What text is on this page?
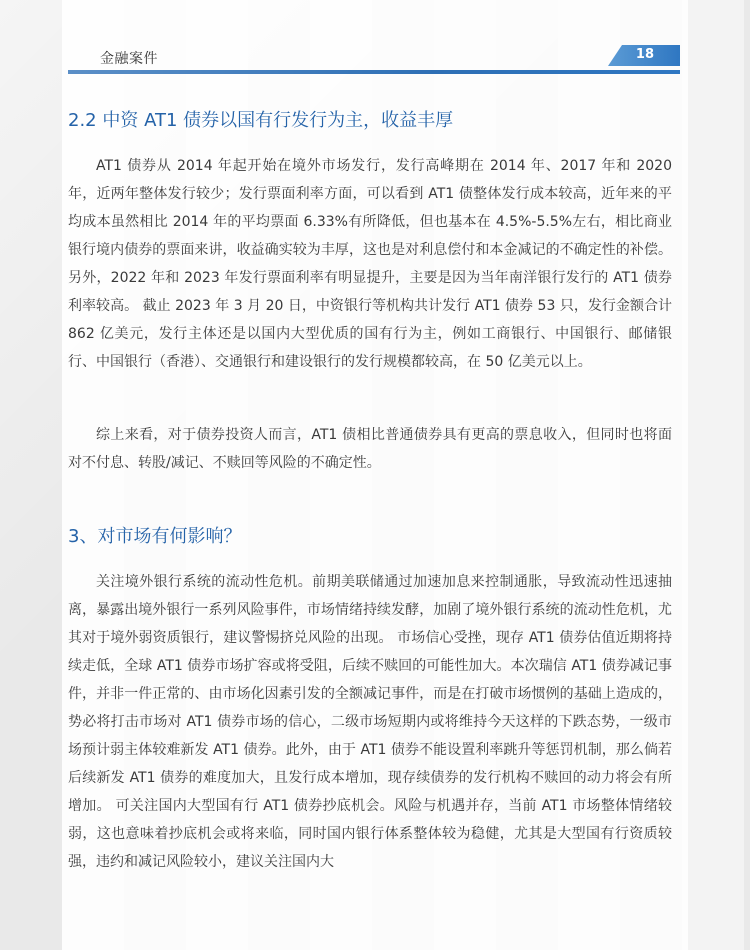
金融案件	18
2.2 中资 AT1 债券以国有行发行为主，收益丰厚

AT1 债券从 2014 年起开始在境外市场发行，发行高峰期在 2014 年、2017 年和 2020 年，近两年整体发行较少；发行票面利率方面，可以看到 AT1 债整体发行成本较高，近年来的平均成本虽然相比 2014 年的平均票面 6.33%有所降低，但也基本在 4.5%-5.5%左右，相比商业银行境内债券的票面来讲，收益确实较为丰厚，这也是对利息偿付和本金减记的不确定性的补偿。另外，2022 年和 2023 年发行票面利率有明显提升，主要是因为当年南洋银行发行的 AT1 债券利率较高。 截止 2023 年 3 月 20 日，中资银行等机构共计发行 AT1 债券 53 只，发行金额合计 862 亿美元，发行主体还是以国内大型优质的国有行为主，例如工商银行、中国银行、邮储银行、中国银行（香港）、交通银行和建设银行的发行规模都较高，在 50 亿美元以上。

综上来看，对于债券投资人而言，AT1 债相比普通债券具有更高的票息收入，但同时也将面对不付息、转股/减记、不赎回等风险的不确定性。

3、对市场有何影响？

关注境外银行系统的流动性危机。前期美联储通过加速加息来控制通胀，导致流动性迅速抽离，暴露出境外银行一系列风险事件，市场情绪持续发酵，加剧了境外银行系统的流动性危机，尤其对于境外弱资质银行，建议警惕挤兑风险的出现。 市场信心受挫，现存 AT1 债券估值近期将持续走低，全球 AT1 债券市场扩容或将受阻，后续不赎回的可能性加大。本次瑞信 AT1 债券减记事件，并非一件正常的、由市场化因素引发的全额减记事件，而是在打破市场惯例的基础上造成的，势必将打击市场对 AT1 债券市场的信心，二级市场短期内或将维持今天这样的下跌态势，一级市场预计弱主体较难新发 AT1 债券。此外，由于 AT1 债券不能设置利率跳升等惩罚机制，那么倘若后续新发 AT1 债券的难度加大，且发行成本增加，现存续债券的发行机构不赎回的动力将会有所增加。 可关注国内大型国有行 AT1 债券抄底机会。风险与机遇并存，当前 AT1 市场整体情绪较弱，这也意味着抄底机会或将来临，同时国内银行体系整体较为稳健，尤其是大型国有行资质较强，违约和减记风险较小，建议关注国内大
